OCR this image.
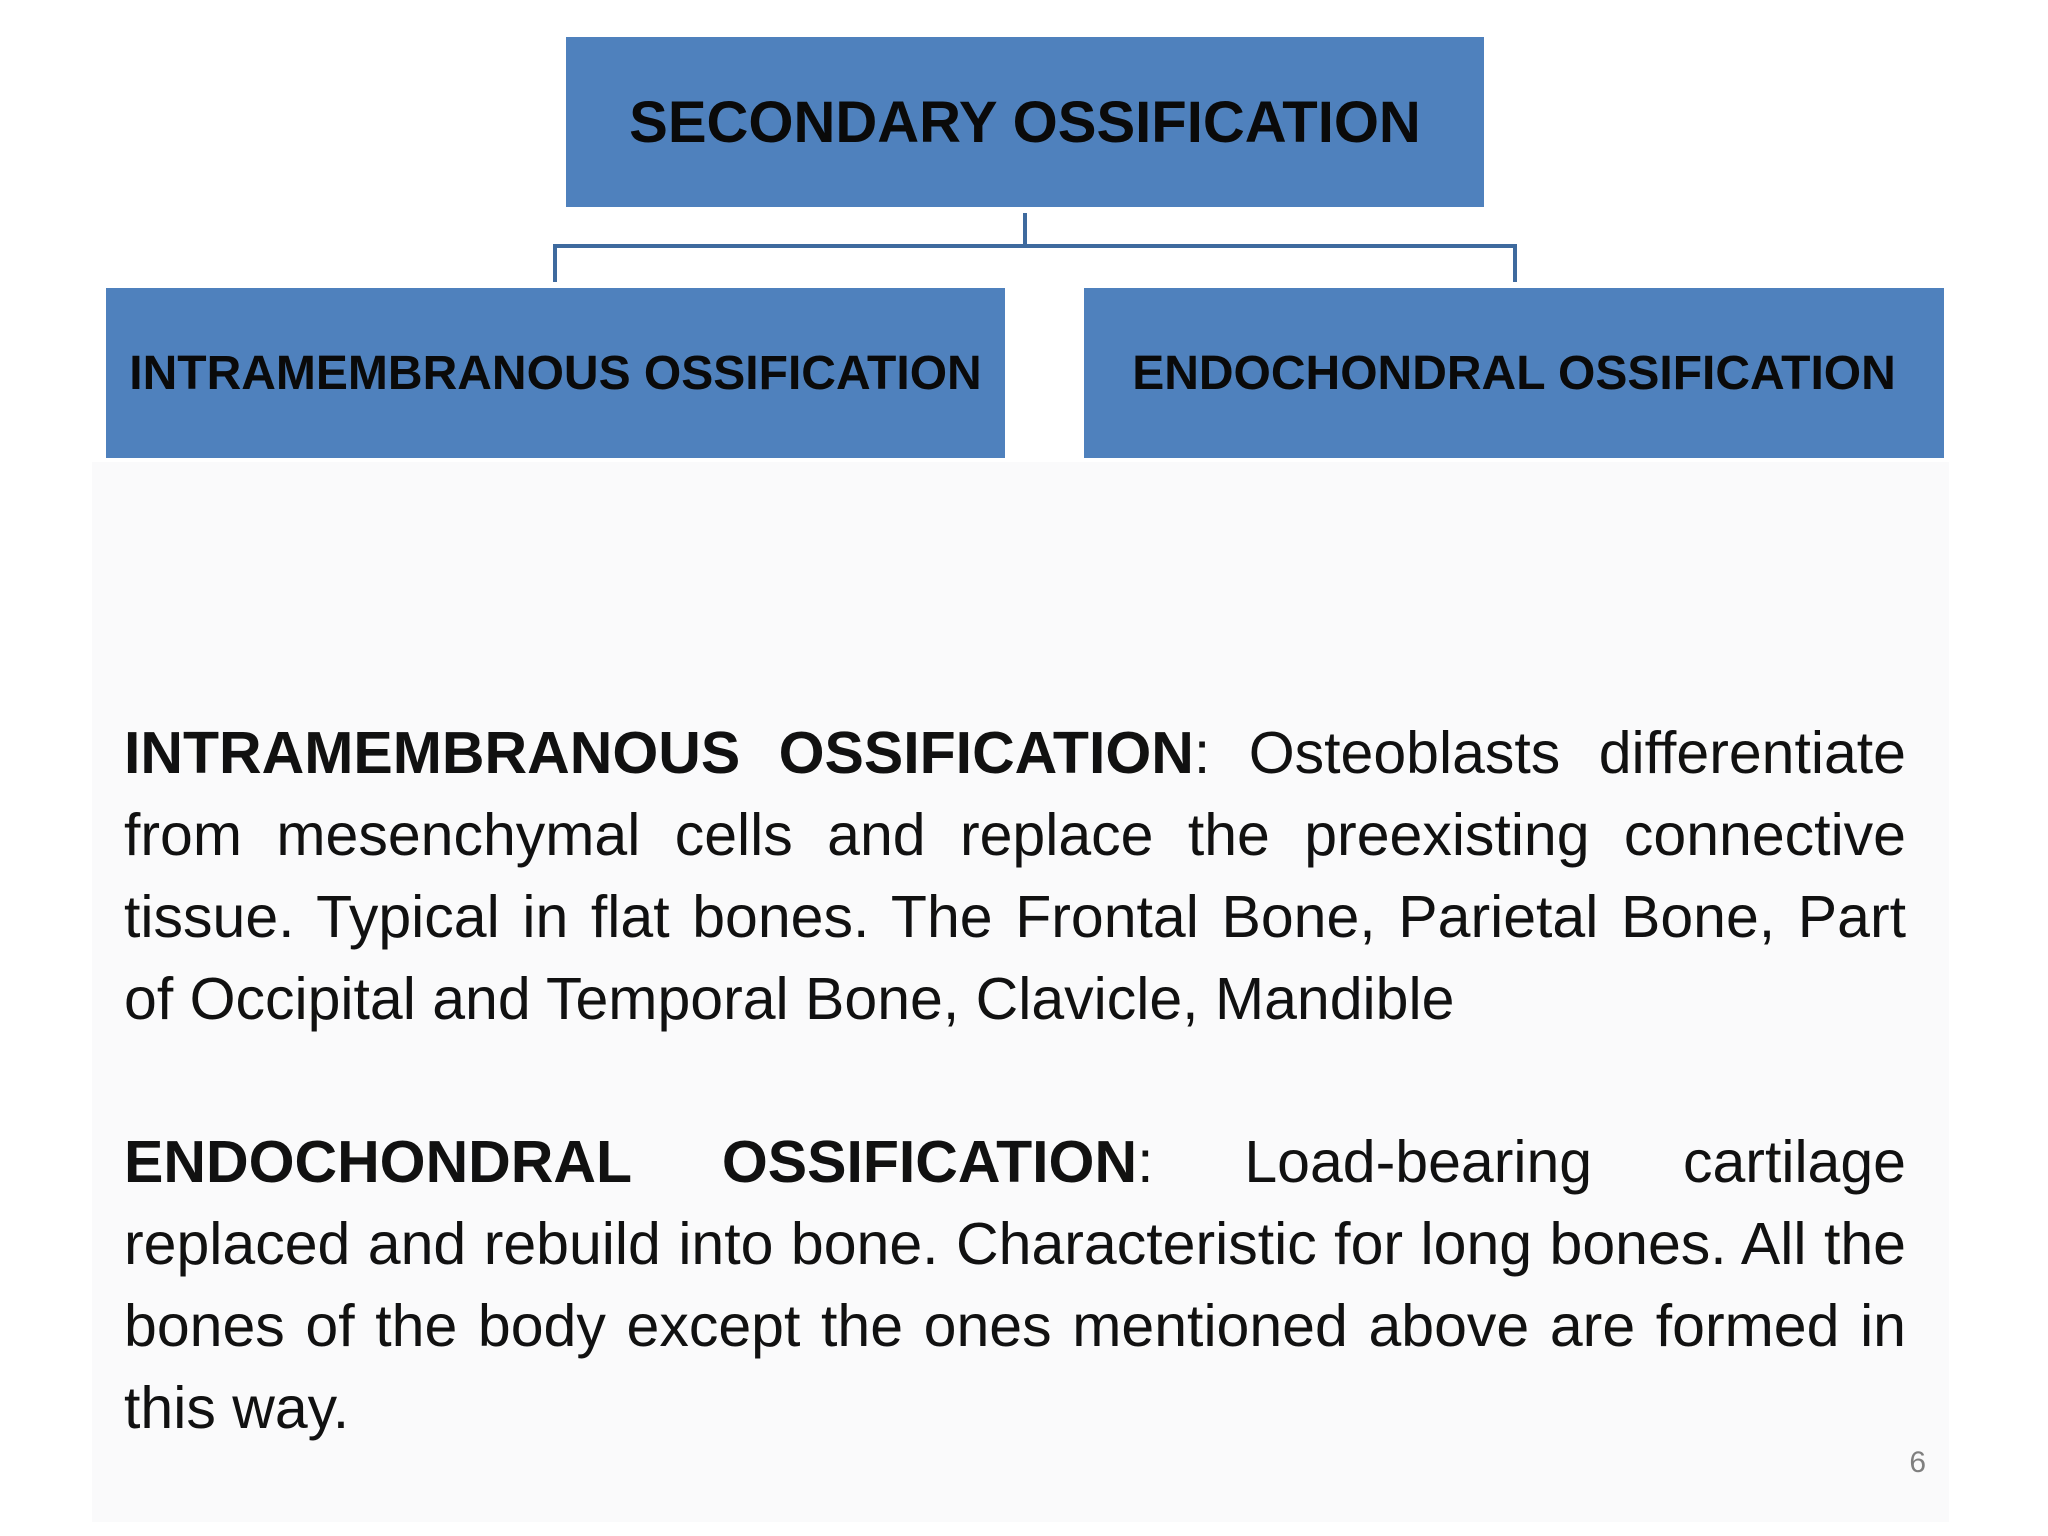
SECONDARY OSSIFICATION
INTRAMEMBRANOUS OSSIFICATION	ENDOCHONDRAL OSSIFICATION
INTRAMEMBRANOUS OSSIFICATION: Osteoblasts differentiate from mesenchymal cells and replace the preexisting connective tissue. Typical in flat bones. The Frontal Bone, Parietal Bone, Part of Occipital and Temporal Bone, Clavicle, Mandible
ENDOCHONDRAL OSSIFICATION: Load-bearing cartilage replaced and rebuild into bone. Characteristic for long bones. All the bones of the body except the ones mentioned above are formed in this way.
6
